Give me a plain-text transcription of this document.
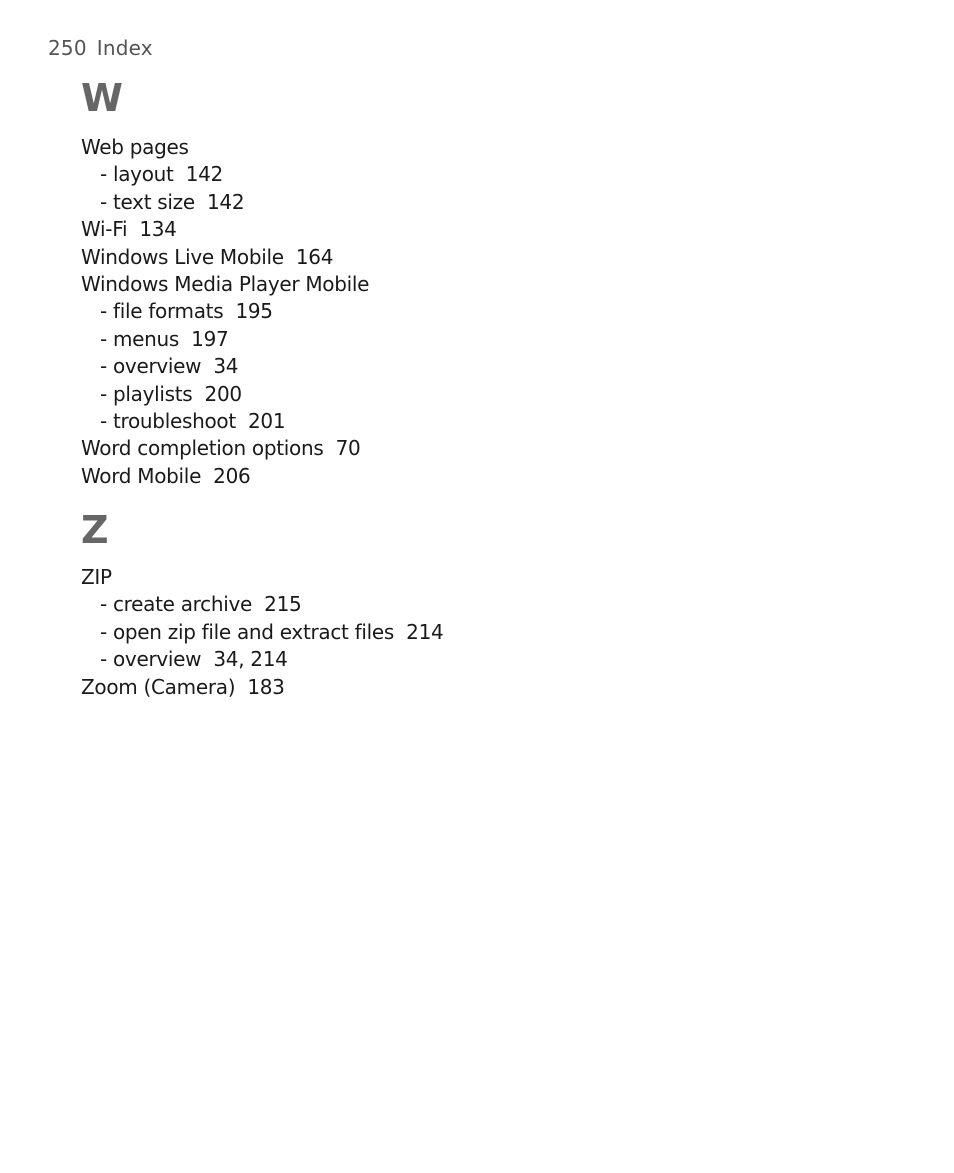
250 Index
W
Web pages
- layout  142
- text size  142
Wi-Fi  134
Windows Live Mobile  164
Windows Media Player Mobile
- file formats  195
- menus  197
- overview  34
- playlists  200
- troubleshoot  201
Word completion options  70
Word Mobile  206
Z
ZIP
- create archive  215
- open zip file and extract files  214
- overview  34, 214
Zoom (Camera)  183
